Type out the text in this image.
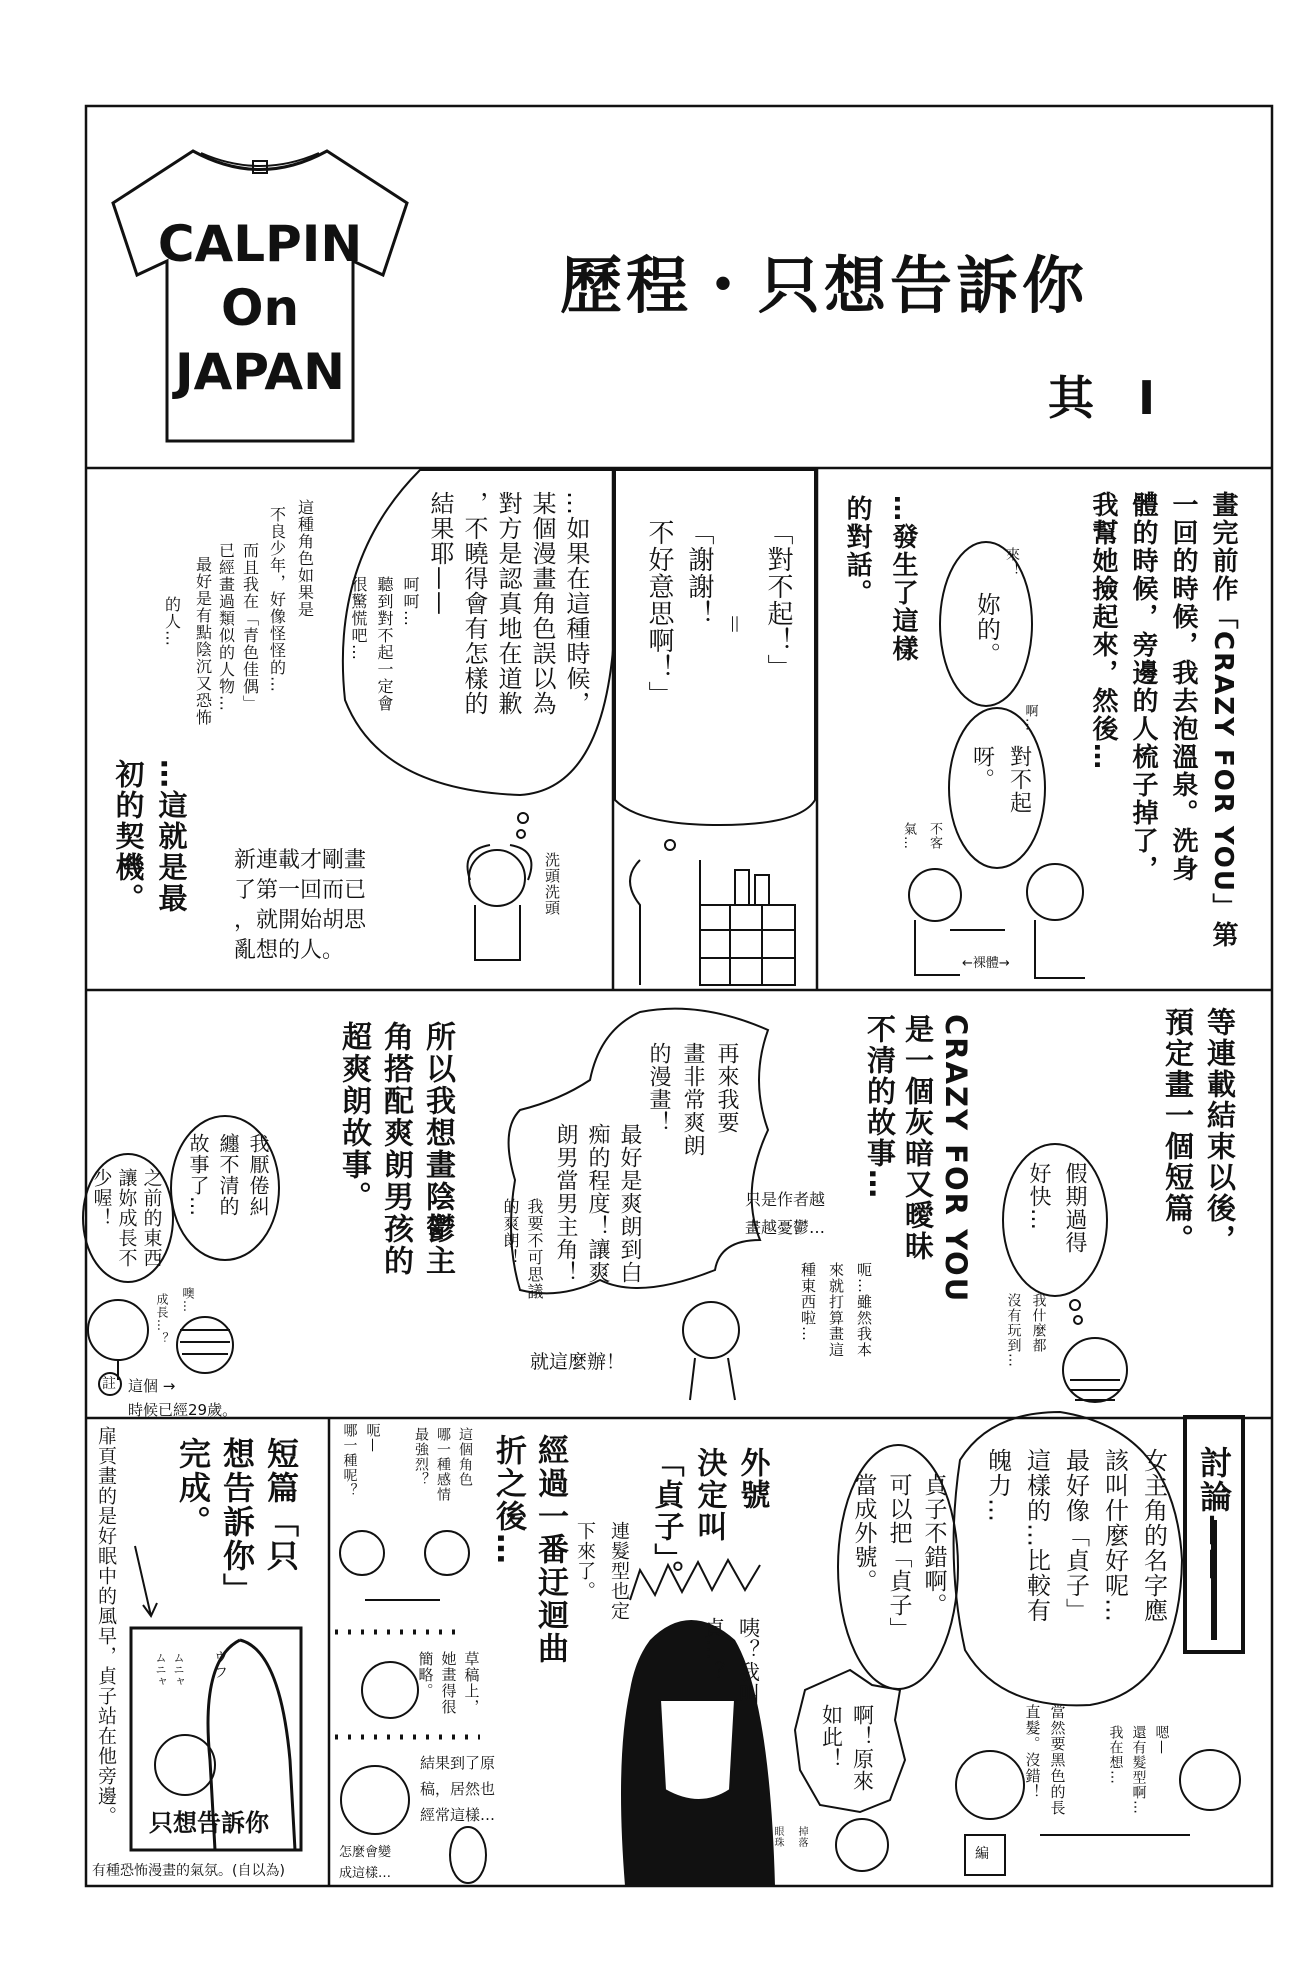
CALPIN
On
JAPAN
歷程・只想告訴你
其 I
畫完前作「CRAZY FOR YOU」第
一回的時候，我去泡溫泉。洗身
體的時候，旁邊的人梳子掉了，
我幫她撿起來，然後…
…發生了這樣
的對話。
妳的。
來！
對不起
呀。
啊…
不客
氣…
←裸體→
「對不起！」
＝
「謝謝！
不好意思啊！」
…如果在這種時候，
某個漫畫角色誤以為
對方是認真地在道歉
，不曉得會有怎樣的
結果耶——
呵呵…
聽到對不起一定會
很驚慌吧…
這種角色如果是
不良少年，好像怪怪的…
而且我在「青色佳偶」
已經畫過類似的人物…
最好是有點陰沉又恐怖
的人…
…這就是最
初的契機。	新連載才剛畫
了第一回而已
，就開始胡思
亂想的人。
洗頭洗頭
等連載結束以後，
預定畫一個短篇。
假期過得
好快…
我什麼都
沒有玩到…
CRAZY FOR YOU
是一個灰暗又曖昧
不清的故事…
呃…雖然我本
來就打算畫這
種東西啦…
只是作者越
畫越憂鬱…
再來我要
畫非常爽朗
的漫畫！
最好是爽朗到白
痴的程度！讓爽
朗男當男主角！
我要不可思議
的爽朗！
就這麼辦！
所以我想畫陰鬱主
角搭配爽朗男孩的
超爽朗故事。
我厭倦糾
纏不清的
故事了…
之前的東西
讓妳成長不
少喔！
噢…
成長…？
註 這個 →
時候已經29歲。
扉頁畫的是好眠中的風早，貞子站在他旁邊。	短篇「只
想告訴你」
完成。
只想告訴你
ウフ
ムニャ
ムニャ
有種恐怖漫畫的氣氛。(自以為)
呃—
哪一種呢？	這個角色
哪一種感情
最強烈？
草稿上，
她畫得很
簡略。
結果到了原
稿，居然也
經常這樣…
怎麼會變
成這樣…
經過一番迂迴曲
折之後…
連髮型也定
下來了。
外號
決定叫
「貞子」。
咦？我叫
貞…？
討論——
女主角的名字應
該叫什麼好呢…
最好像「貞子」
這樣的…比較有
魄力…
貞子不錯啊。
可以把「貞子」
當成外號。
啊！原來
如此！	嗯—
還有髮型啊…
我在想…
當然要黑色的長
直髮。沒錯！
掉落
眼珠
編
